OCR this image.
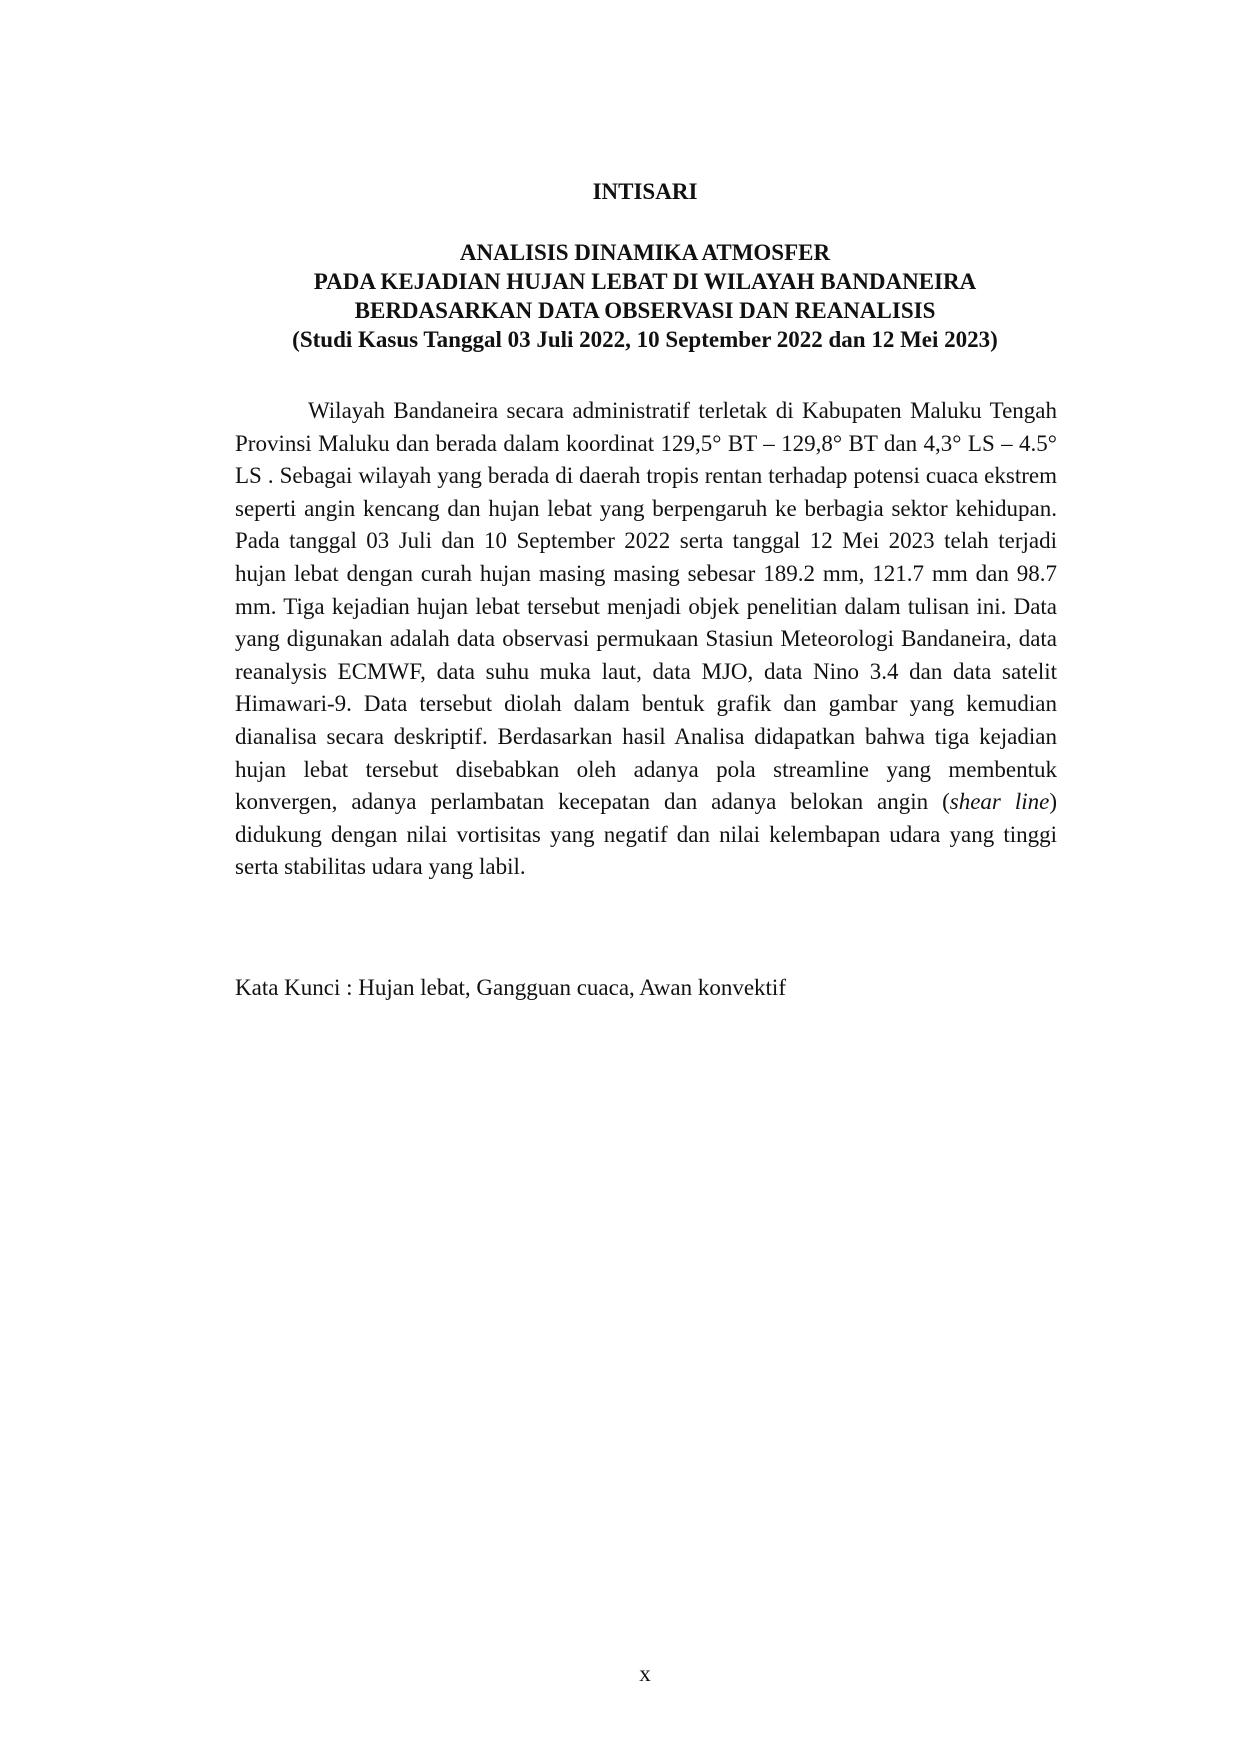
INTISARI
ANALISIS DINAMIKA ATMOSFER
PADA KEJADIAN HUJAN LEBAT DI WILAYAH BANDANEIRA
BERDASARKAN DATA OBSERVASI DAN REANALISIS
(Studi Kasus Tanggal 03 Juli 2022, 10 September 2022 dan 12 Mei 2023)

Wilayah Bandaneira secara administratif terletak di Kabupaten Maluku Tengah Provinsi Maluku dan berada dalam koordinat 129,5° BT – 129,8° BT dan 4,3° LS – 4.5° LS . Sebagai wilayah yang berada di daerah tropis rentan terhadap potensi cuaca ekstrem seperti angin kencang dan hujan lebat yang berpengaruh ke berbagia sektor kehidupan. Pada tanggal 03 Juli dan 10 September 2022 serta tanggal 12 Mei 2023 telah terjadi hujan lebat dengan curah hujan masing masing sebesar 189.2 mm, 121.7 mm dan 98.7 mm. Tiga kejadian hujan lebat tersebut menjadi objek penelitian dalam tulisan ini. Data yang digunakan adalah data observasi permukaan Stasiun Meteorologi Bandaneira, data reanalysis ECMWF, data suhu muka laut, data MJO, data Nino 3.4 dan data satelit Himawari-9. Data tersebut diolah dalam bentuk grafik dan gambar yang kemudian dianalisa secara deskriptif. Berdasarkan hasil Analisa didapatkan bahwa tiga kejadian hujan lebat tersebut disebabkan oleh adanya pola streamline yang membentuk konvergen, adanya perlambatan kecepatan dan adanya belokan angin (shear line) didukung dengan nilai vortisitas yang negatif dan nilai kelembapan udara yang tinggi serta stabilitas udara yang labil.

Kata Kunci : Hujan lebat, Gangguan cuaca, Awan konvektif

x
